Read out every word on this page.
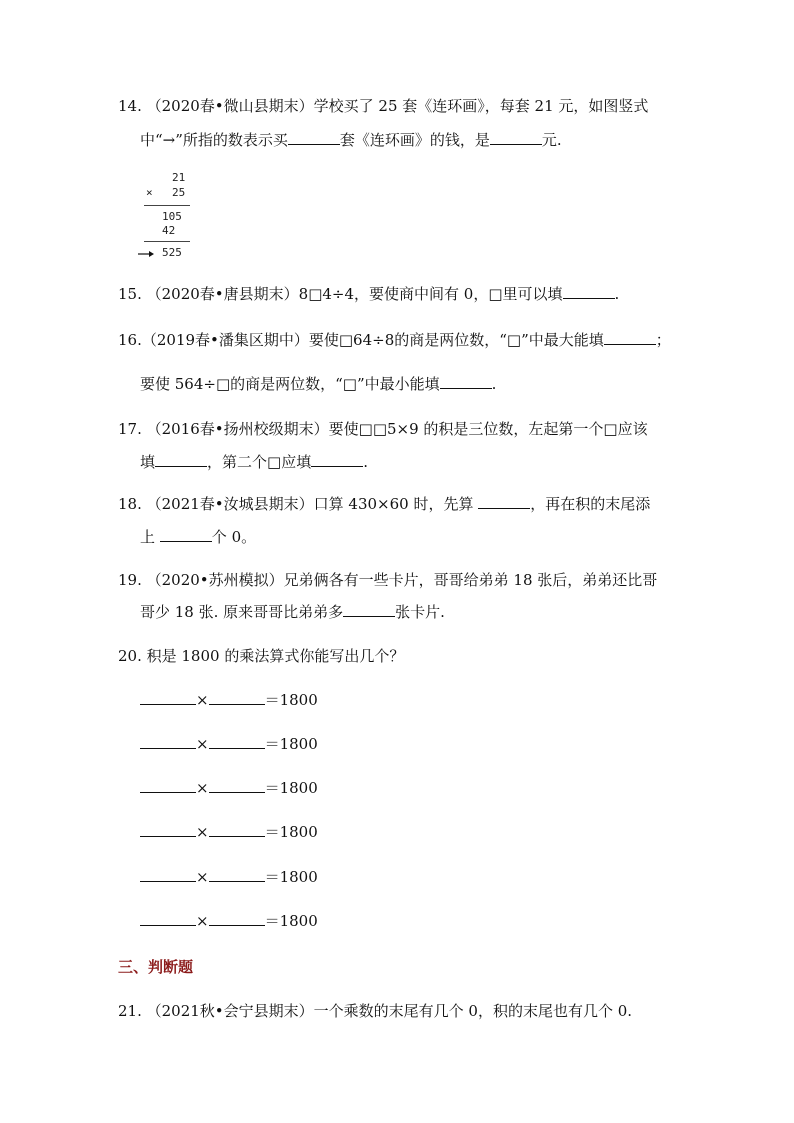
14. （2020春•微山县期末）学校买了 25 套《连环画》，每套 21 元，如图竖式
中“→”所指的数表示买	套《连环画》的钱，是	元.
21
× 25
105
42
525
15. （2020春•唐县期末）8□4÷4，要使商中间有 0，□里可以填	.
16.（2019春•潘集区期中）要使□64÷8的商是两位数，“□”中最大能填	；
要使 564÷□的商是两位数，“□”中最小能填	.
17. （2016春•扬州校级期末）要使□□5×9 的积是三位数，左起第一个□应该
填	，第二个□应填	.
18. （2021春•汝城县期末）口算 430×60 时，先算	，再在积的末尾添
上	个 0。
19. （2020•苏州模拟）兄弟俩各有一些卡片，哥哥给弟弟 18 张后，弟弟还比哥
哥少 18 张. 原来哥哥比弟弟多	张卡片.
20. 积是 1800 的乘法算式你能写出几个？
×	＝1800
×	＝1800
×	＝1800
×	＝1800
×	＝1800
×	＝1800
三、判断题
21. （2021秋•会宁县期末）一个乘数的末尾有几个 0，积的末尾也有几个 0.
